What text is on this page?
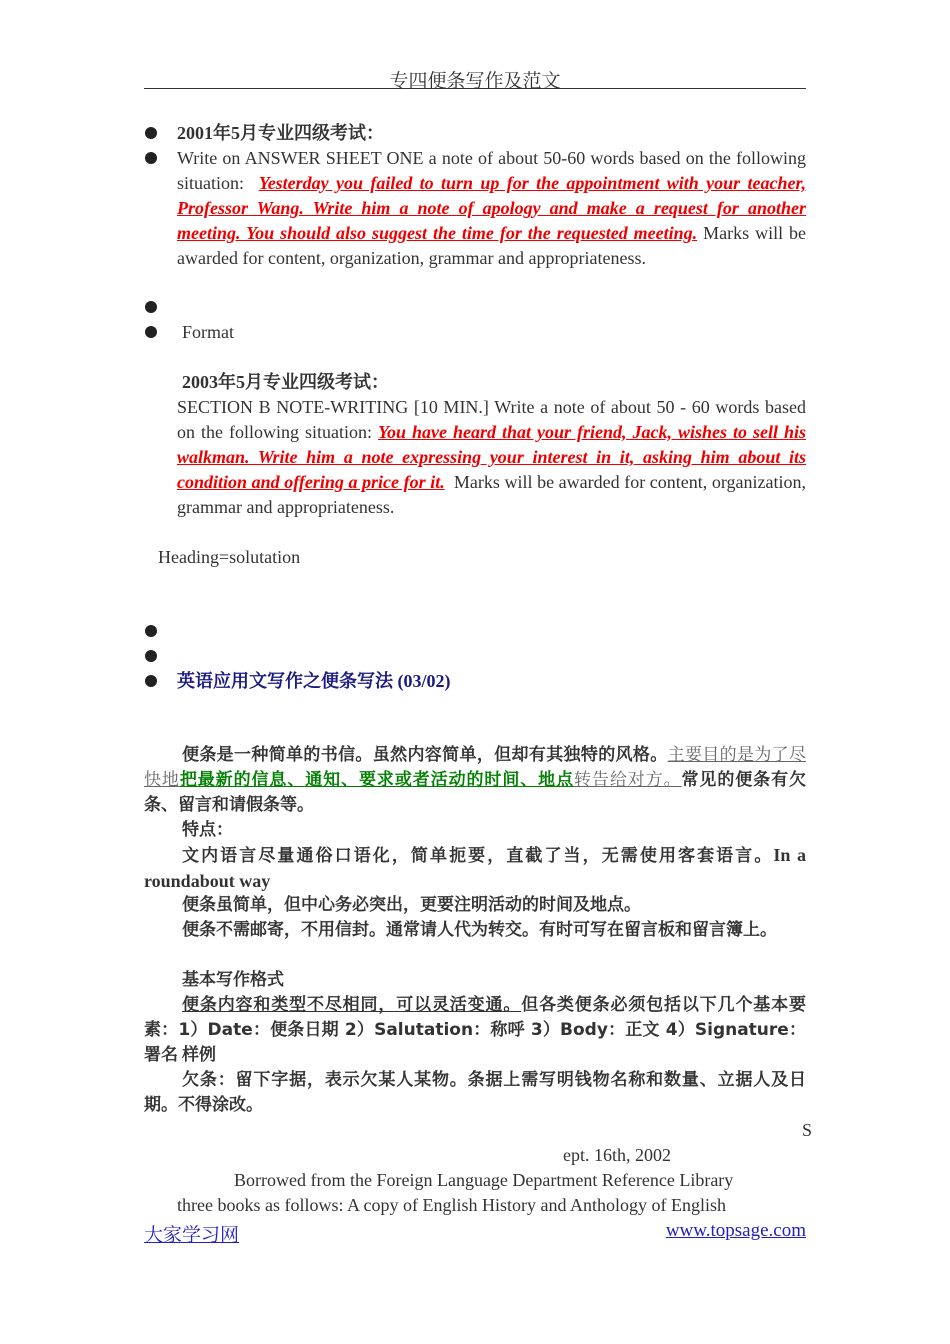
专四便条写作及范文
2001年5月专业四级考试：
Write on ANSWER SHEET ONE a note of about 50-60 words based on the following situation: Yesterday you failed to turn up for the appointment with your teacher, Professor Wang. Write him a note of apology and make a request for another meeting. You should also suggest the time for the requested meeting. Marks will be awarded for content, organization, grammar and appropriateness.
Format
2003年5月专业四级考试：
SECTION B NOTE-WRITING [10 MIN.] Write a note of about 50 - 60 words based on the following situation: You have heard that your friend, Jack, wishes to sell his walkman. Write him a note expressing your interest in it, asking him about its condition and offering a price for it. Marks will be awarded for content, organization, grammar and appropriateness.
Heading=solutation
英语应用文写作之便条写法 (03/02)
便条是一种简单的书信。虽然内容简单，但却有其独特的风格。主要目的是为了尽快地把最新的信息、通知、要求或者活动的时间、地点转告给对方。常见的便条有欠条、留言和请假条等。
特点：
文内语言尽量通俗口语化，简单扼要，直截了当，无需使用客套语言。In a roundabout way
便条虽简单，但中心务必突出，更要注明活动的时间及地点。
便条不需邮寄，不用信封。通常请人代为转交。有时可写在留言板和留言簿上。
基本写作格式
便条内容和类型不尽相同，可以灵活变通。但各类便条必须包括以下几个基本要素：1）Date：便条日期 2）Salutation：称呼 3）Body：正文 4）Signature：署名 样例
欠条：留下字据，表示欠某人某物。条据上需写明钱物名称和数量、立据人及日期。不得涂改。
S
ept. 16th, 2002
Borrowed from the Foreign Language Department Reference Library
three books as follows: A copy of English History and Anthology of English
大家学习网	www.topsage.com
